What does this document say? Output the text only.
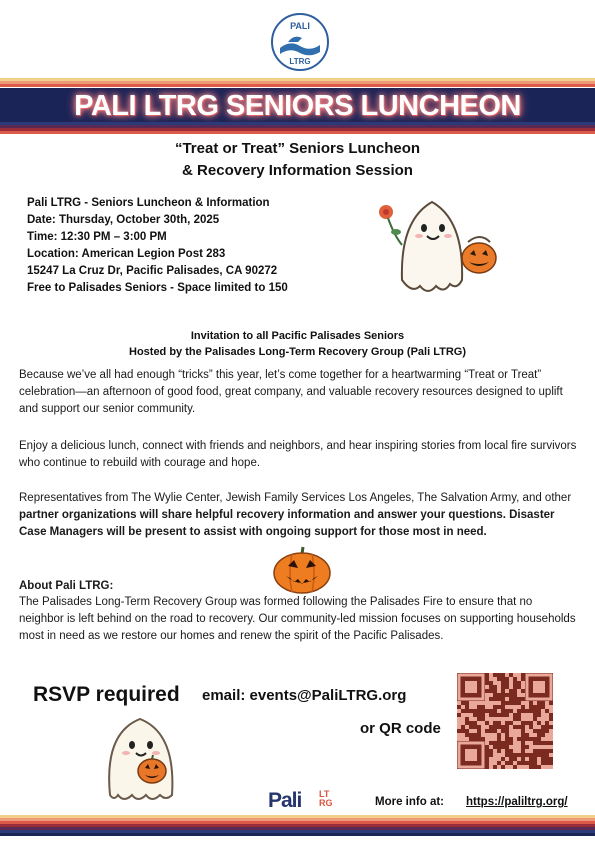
PALI
LTRG
PALI LTRG SENIORS LUNCHEON
“Treat or Treat” Seniors Luncheon
& Recovery Information Session
Pali LTRG - Seniors Luncheon & Information
Date: Thursday, October 30th, 2025
Time: 12:30 PM – 3:00 PM
Location: American Legion Post 283
15247 La Cruz Dr, Pacific Palisades, CA 90272
Free to Palisades Seniors - Space limited to 150
Invitation to all Pacific Palisades Seniors
Hosted by the Palisades Long-Term Recovery Group (Pali LTRG)
Because we’ve all had enough “tricks” this year, let’s come together for a heartwarming “Treat or Treat” celebration—an afternoon of good food, great company, and valuable recovery resources designed to uplift and support our senior community.
Enjoy a delicious lunch, connect with friends and neighbors, and hear inspiring stories from local fire survivors who continue to rebuild with courage and hope.
Representatives from The Wylie Center, Jewish Family Services Los Angeles, The Salvation Army, and other partner organizations will share helpful recovery information and answer your questions. Disaster Case Managers will be present to assist with ongoing support for those most in need.
About Pali LTRG:
The Palisades Long-Term Recovery Group was formed following the Palisades Fire to ensure that no neighbor is left behind on the road to recovery. Our community-led mission focuses on supporting households most in need as we restore our homes and renew the spirit of the Pacific Palisades.
RSVP required email: events@PaliLTRG.org
or QR code
Pali LT
RG	More info at: https://paliltrg.org/
